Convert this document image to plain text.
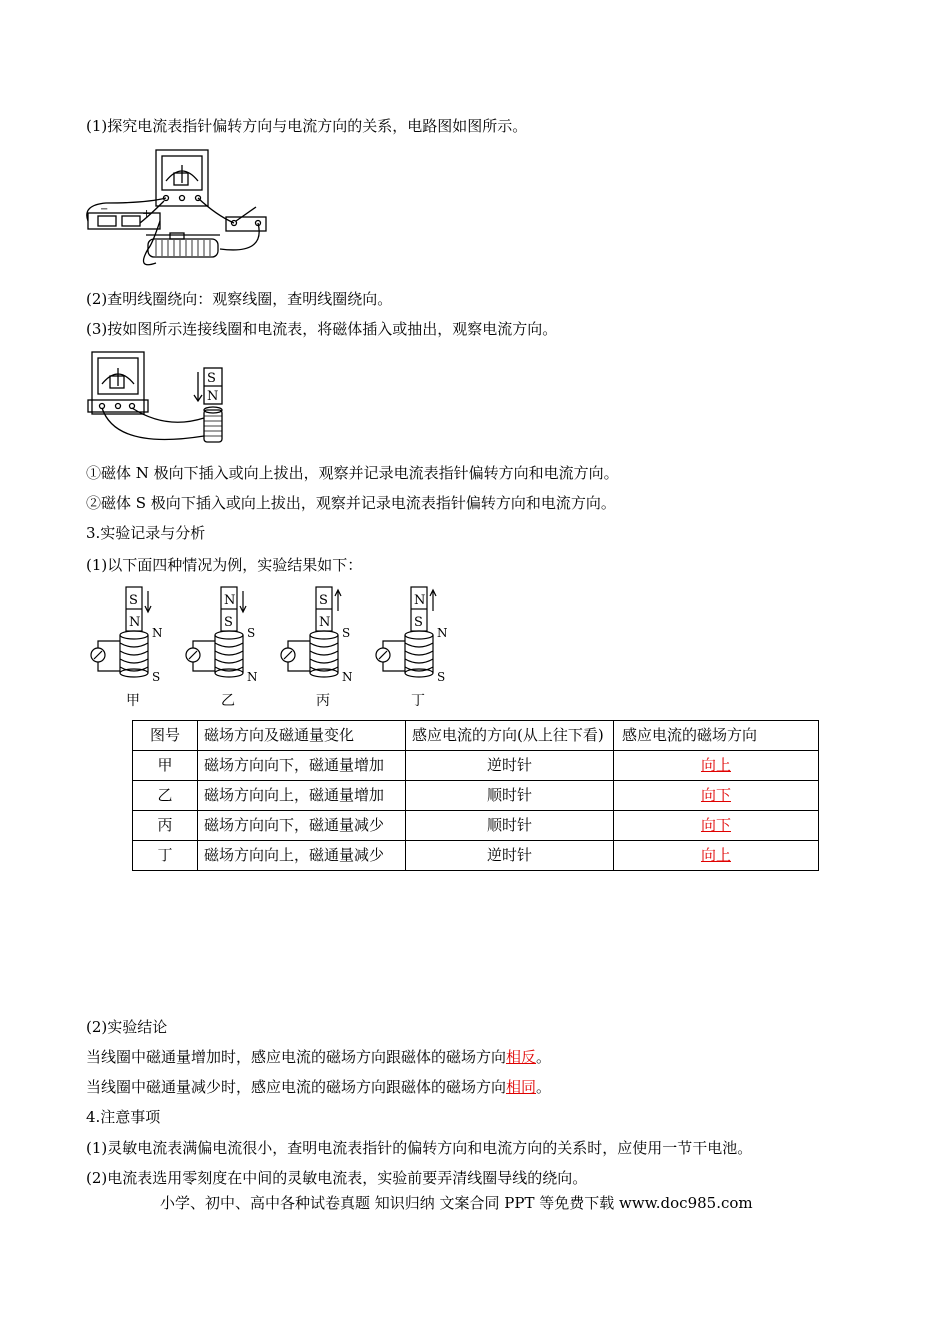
(1)探究电流表指针偏转方向与电流方向的关系，电路图如图所示。
−	+
(2)查明线圈绕向：观察线圈，查明线圈绕向。
(3)按如图所示连接线圈和电流表，将磁体插入或抽出，观察电流方向。
S
N
①磁体 N 极向下插入或向上拔出，观察并记录电流表指针偏转方向和电流方向。
②磁体 S 极向下插入或向上拔出，观察并记录电流表指针偏转方向和电流方向。
3.实验记录与分析
(1)以下面四种情况为例，实验结果如下：
S
N
N
S
甲
N
S
S
N
乙
S
N
S
N
丙
N
S
N
S
丁
图号	磁场方向及磁通量变化	感应电流的方向(从上往下看)	感应电流的磁场方向
甲	磁场方向向下，磁通量增加	逆时针	向上
乙	磁场方向向上，磁通量增加	顺时针	向下
丙	磁场方向向下，磁通量减少	顺时针	向下
丁	磁场方向向上，磁通量减少	逆时针	向上
(2)实验结论
当线圈中磁通量增加时，感应电流的磁场方向跟磁体的磁场方向相反。
当线圈中磁通量减少时，感应电流的磁场方向跟磁体的磁场方向相同。
4.注意事项
(1)灵敏电流表满偏电流很小，查明电流表指针的偏转方向和电流方向的关系时，应使用一节干电池。
(2)电流表选用零刻度在中间的灵敏电流表，实验前要弄清线圈导线的绕向。
小学、初中、高中各种试卷真题 知识归纳 文案合同 PPT 等免费下载 www.doc985.com
